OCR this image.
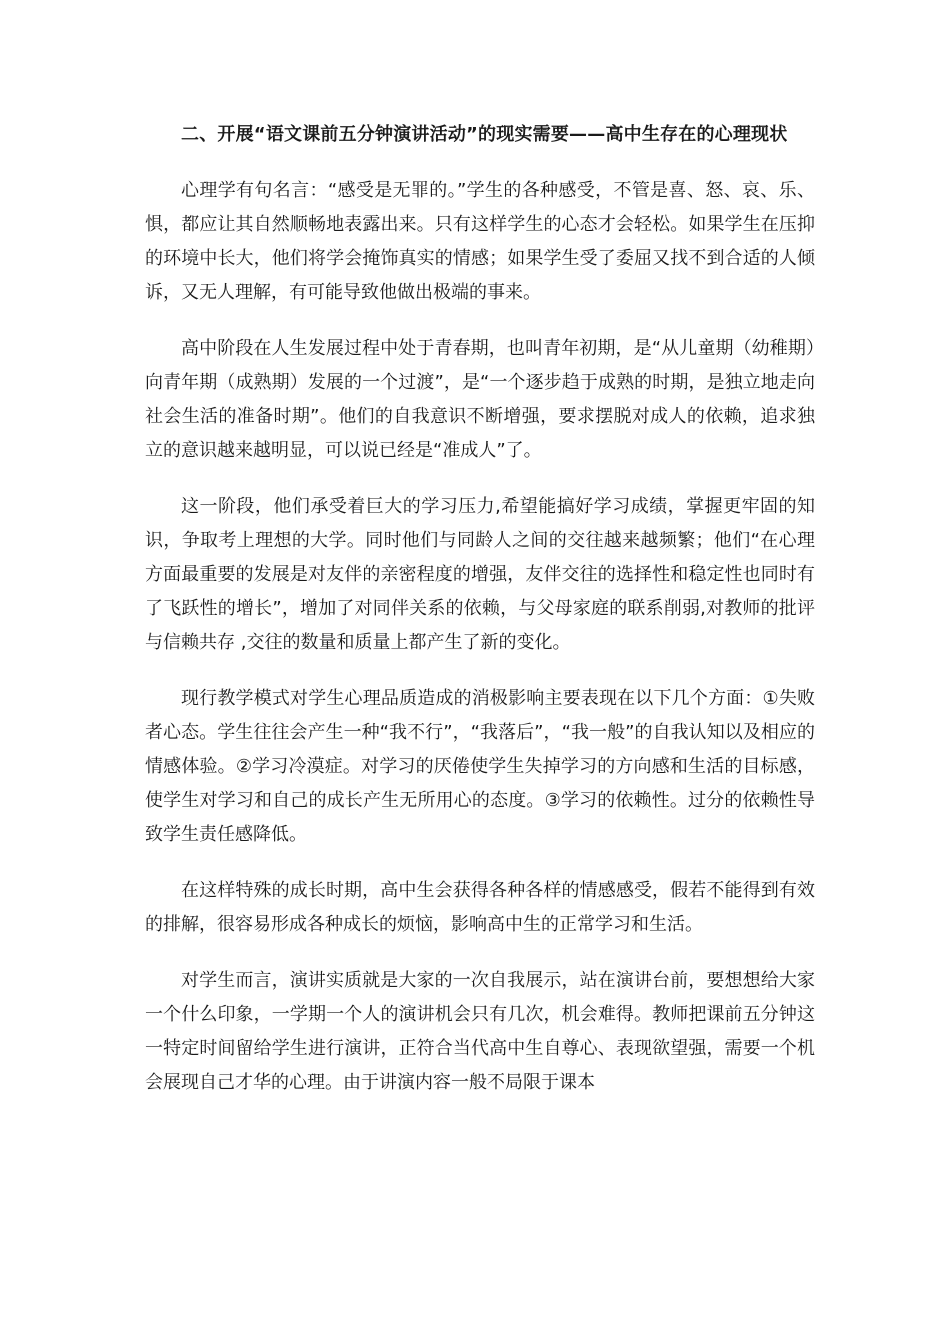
二、开展“语文课前五分钟演讲活动”的现实需要——高中生存在的心理现状

心理学有句名言：“感受是无罪的。”学生的各种感受，不管是喜、怒、哀、乐、惧，都应让其自然顺畅地表露出来。只有这样学生的心态才会轻松。如果学生在压抑的环境中长大，他们将学会掩饰真实的情感；如果学生受了委屈又找不到合适的人倾诉，又无人理解，有可能导致他做出极端的事来。

高中阶段在人生发展过程中处于青春期，也叫青年初期，是“从儿童期（幼稚期）向青年期（成熟期）发展的一个过渡”，是“一个逐步趋于成熟的时期，是独立地走向社会生活的准备时期”。他们的自我意识不断增强，要求摆脱对成人的依赖，追求独立的意识越来越明显，可以说已经是“准成人”了。

这一阶段，他们承受着巨大的学习压力,希望能搞好学习成绩，掌握更牢固的知识，争取考上理想的大学。同时他们与同龄人之间的交往越来越频繁；他们“在心理方面最重要的发展是对友伴的亲密程度的增强，友伴交往的选择性和稳定性也同时有了飞跃性的增长”，增加了对同伴关系的依赖，与父母家庭的联系削弱,对教师的批评与信赖共存 ,交往的数量和质量上都产生了新的变化。

现行教学模式对学生心理品质造成的消极影响主要表现在以下几个方面：①失败者心态。学生往往会产生一种“我不行”，“我落后”，“我一般”的自我认知以及相应的情感体验。②学习冷漠症。对学习的厌倦使学生失掉学习的方向感和生活的目标感，使学生对学习和自己的成长产生无所用心的态度。③学习的依赖性。过分的依赖性导致学生责任感降低。

在这样特殊的成长时期，高中生会获得各种各样的情感感受，假若不能得到有效的排解，很容易形成各种成长的烦恼，影响高中生的正常学习和生活。

对学生而言，演讲实质就是大家的一次自我展示，站在演讲台前，要想想给大家一个什么印象，一学期一个人的演讲机会只有几次，机会难得。教师把课前五分钟这一特定时间留给学生进行演讲，正符合当代高中生自尊心、表现欲望强，需要一个机会展现自己才华的心理。由于讲演内容一般不局限于课本
